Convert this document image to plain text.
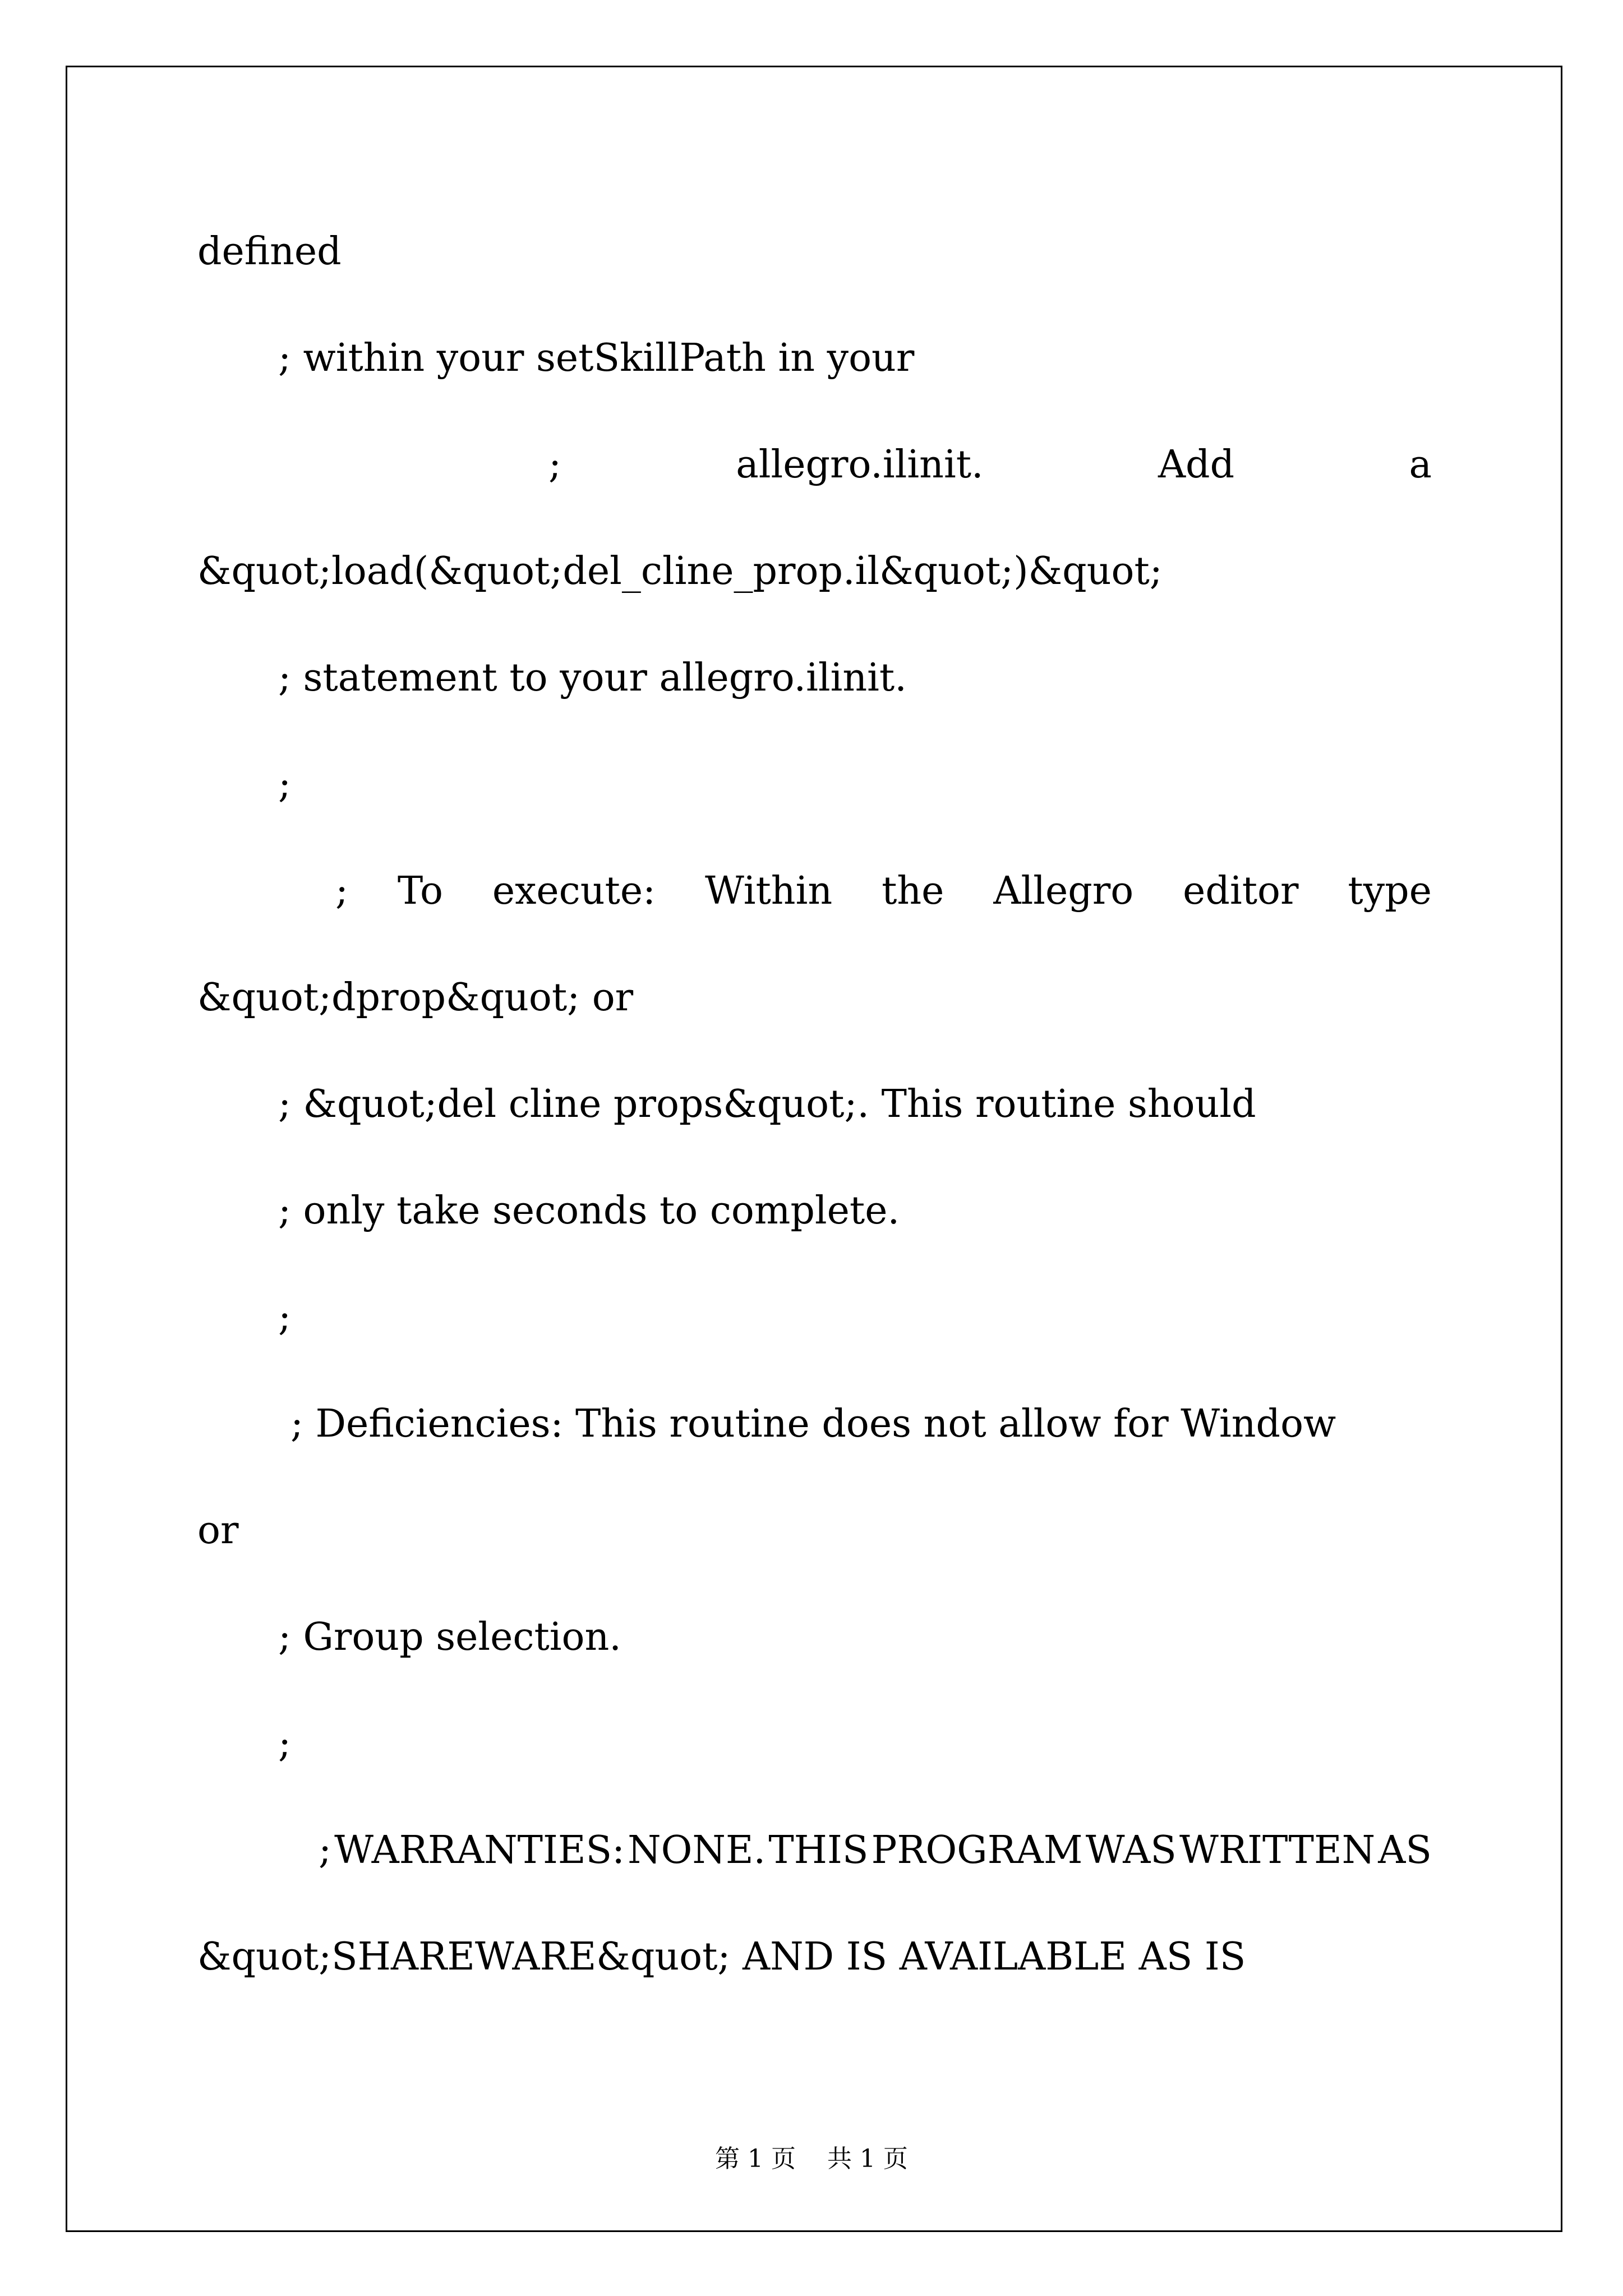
defined
; within your setSkillPath in your
;	allegro.ilinit.	Add	a
&quot;load(&quot;del_cline_prop.il&quot;)&quot;
; statement to your allegro.ilinit.
;
; To execute: Within the Allegro editor type
&quot;dprop&quot; or
; &quot;del cline props&quot;. This routine should
; only take seconds to complete.
;
; Deficiencies: This routine does not allow for Window
or
; Group selection.
;
; WARRANTIES: NONE. THIS PROGRAM WAS WRITTEN AS
&quot;SHAREWARE&quot; AND IS AVAILABLE AS IS
第 1 页    共 1 页
